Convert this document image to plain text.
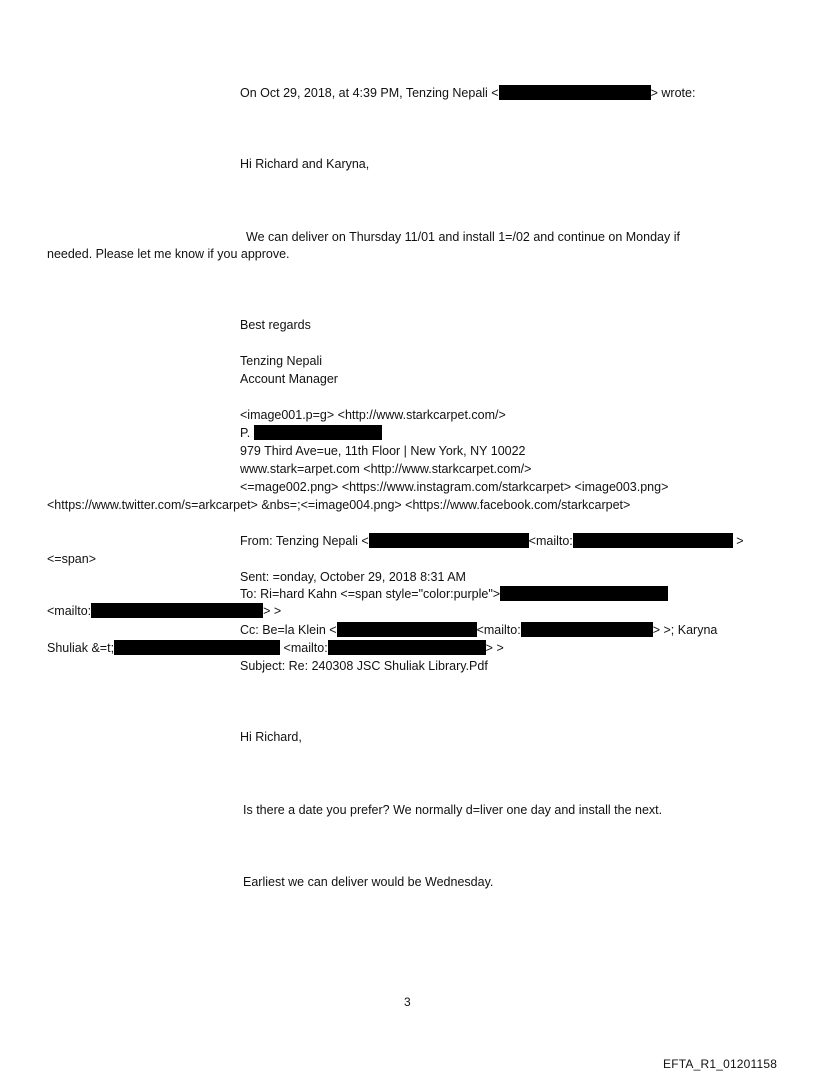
On Oct 29, 2018, at 4:39 PM, Tenzing Nepali <	> wrote:
Hi Richard and Karyna,
We can deliver on Thursday 11/01 and install 1=/02 and continue on Monday if
needed. Please let me know if you approve.
Best regards
Tenzing Nepali
Account Manager
<image001.p=g> <http://www.starkcarpet.com/>
P.
979 Third Ave=ue, 11th Floor | New York, NY 10022
www.stark=arpet.com <http://www.starkcarpet.com/>
<=mage002.png> <https://www.instagram.com/starkcarpet> <image003.png>
<https://www.twitter.com/s=arkcarpet> &nbs=;<=image004.png> <https://www.facebook.com/starkcarpet>
From: Tenzing Nepali <	<mailto:	>
<=span>
Sent: =onday, October 29, 2018 8:31 AM
To: Ri=hard Kahn <=span style="color:purple">
<mailto:	> >
Cc: Be=la Klein <	<mailto:	> >; Karyna
Shuliak &=t;	<mailto:	> >
Subject: Re: 240308 JSC Shuliak Library.Pdf
Hi Richard,
Is there a date you prefer? We normally d=liver one day and install the next.
Earliest we can deliver would be Wednesday.
3
EFTA_R1_01201158
